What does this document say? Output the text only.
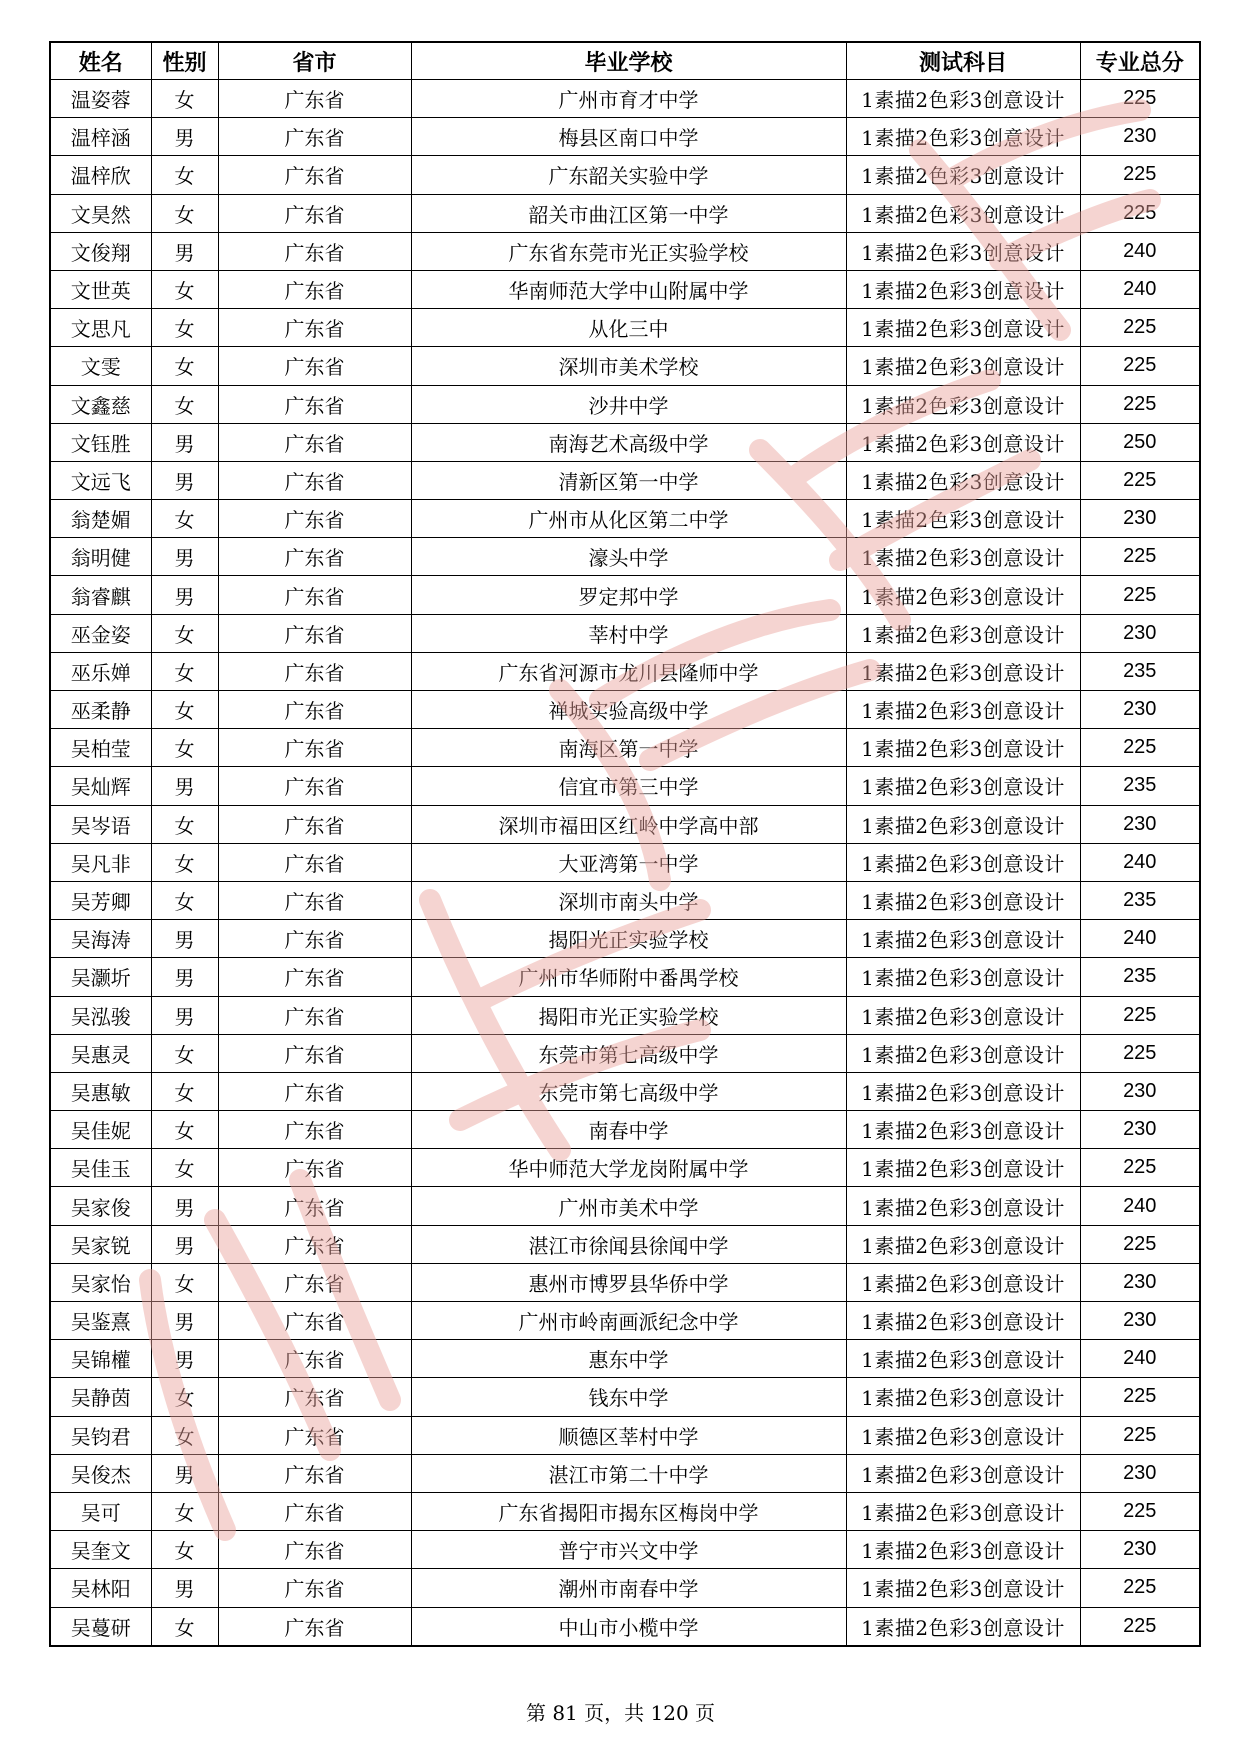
姓名	性别	省市	毕业学校	测试科目	专业总分
温姿蓉	女	广东省	广州市育才中学	1素描2色彩3创意设计	225
温梓涵	男	广东省	梅县区南口中学	1素描2色彩3创意设计	230
温梓欣	女	广东省	广东韶关实验中学	1素描2色彩3创意设计	225
文昊然	女	广东省	韶关市曲江区第一中学	1素描2色彩3创意设计	225
文俊翔	男	广东省	广东省东莞市光正实验学校	1素描2色彩3创意设计	240
文世英	女	广东省	华南师范大学中山附属中学	1素描2色彩3创意设计	240
文思凡	女	广东省	从化三中	1素描2色彩3创意设计	225
文雯	女	广东省	深圳市美术学校	1素描2色彩3创意设计	225
文鑫慈	女	广东省	沙井中学	1素描2色彩3创意设计	225
文钰胜	男	广东省	南海艺术高级中学	1素描2色彩3创意设计	250
文远飞	男	广东省	清新区第一中学	1素描2色彩3创意设计	225
翁楚媚	女	广东省	广州市从化区第二中学	1素描2色彩3创意设计	230
翁明健	男	广东省	濠头中学	1素描2色彩3创意设计	225
翁睿麒	男	广东省	罗定邦中学	1素描2色彩3创意设计	225
巫金姿	女	广东省	莘村中学	1素描2色彩3创意设计	230
巫乐婵	女	广东省	广东省河源市龙川县隆师中学	1素描2色彩3创意设计	235
巫柔静	女	广东省	禅城实验高级中学	1素描2色彩3创意设计	230
吴柏莹	女	广东省	南海区第一中学	1素描2色彩3创意设计	225
吴灿辉	男	广东省	信宜市第三中学	1素描2色彩3创意设计	235
吴岑语	女	广东省	深圳市福田区红岭中学高中部	1素描2色彩3创意设计	230
吴凡非	女	广东省	大亚湾第一中学	1素描2色彩3创意设计	240
吴芳卿	女	广东省	深圳市南头中学	1素描2色彩3创意设计	235
吴海涛	男	广东省	揭阳光正实验学校	1素描2色彩3创意设计	240
吴灏圻	男	广东省	广州市华师附中番禺学校	1素描2色彩3创意设计	235
吴泓骏	男	广东省	揭阳市光正实验学校	1素描2色彩3创意设计	225
吴惠灵	女	广东省	东莞市第七高级中学	1素描2色彩3创意设计	225
吴惠敏	女	广东省	东莞市第七高级中学	1素描2色彩3创意设计	230
吴佳妮	女	广东省	南春中学	1素描2色彩3创意设计	230
吴佳玉	女	广东省	华中师范大学龙岗附属中学	1素描2色彩3创意设计	225
吴家俊	男	广东省	广州市美术中学	1素描2色彩3创意设计	240
吴家锐	男	广东省	湛江市徐闻县徐闻中学	1素描2色彩3创意设计	225
吴家怡	女	广东省	惠州市博罗县华侨中学	1素描2色彩3创意设计	230
吴鉴熹	男	广东省	广州市岭南画派纪念中学	1素描2色彩3创意设计	230
吴锦權	男	广东省	惠东中学	1素描2色彩3创意设计	240
吴静茵	女	广东省	钱东中学	1素描2色彩3创意设计	225
吴钧君	女	广东省	顺德区莘村中学	1素描2色彩3创意设计	225
吴俊杰	男	广东省	湛江市第二十中学	1素描2色彩3创意设计	230
吴可	女	广东省	广东省揭阳市揭东区梅岗中学	1素描2色彩3创意设计	225
吴奎文	女	广东省	普宁市兴文中学	1素描2色彩3创意设计	230
吴林阳	男	广东省	潮州市南春中学	1素描2色彩3创意设计	225
吴蔓研	女	广东省	中山市小榄中学	1素描2色彩3创意设计	225
第 81 页，共 120 页
